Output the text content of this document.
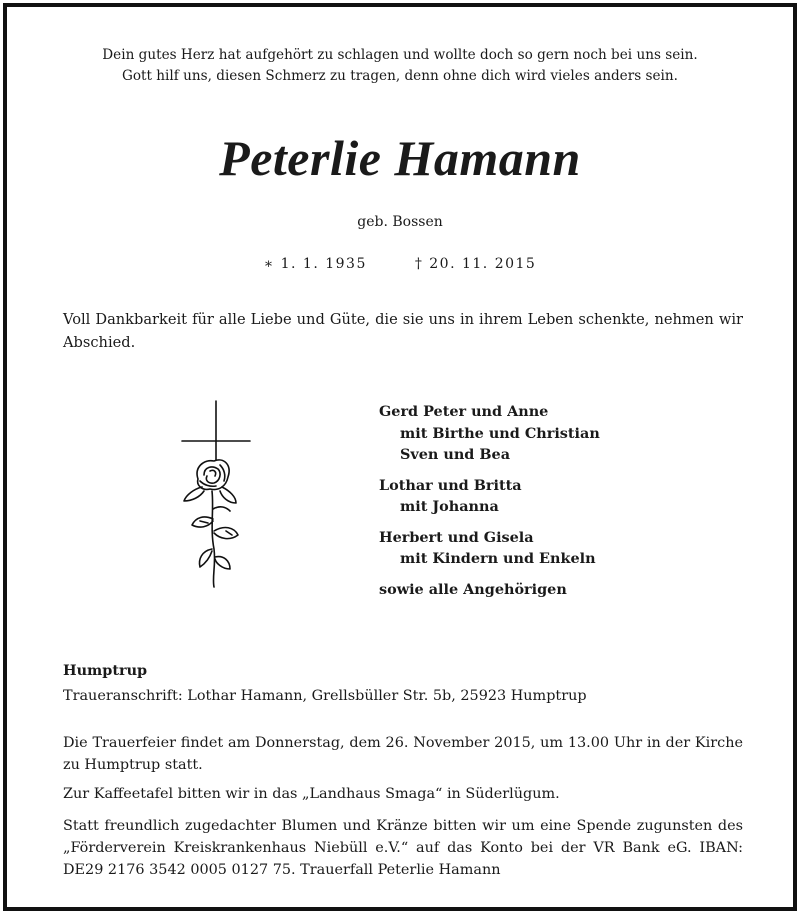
Dein gutes Herz hat aufgehört zu schlagen und wollte doch so gern noch bei uns sein.
Gott hilf uns, diesen Schmerz zu tragen, denn ohne dich wird vieles anders sein.
Peterlie Hamann
geb. Bossen
∗ 1. 1. 1935	† 20. 11. 2015
Voll Dankbarkeit für alle Liebe und Güte, die sie uns in ihrem Leben schenkte, nehmen wir Abschied.
Gerd Peter und Anne
mit Birthe und Christian
Sven und Bea
Lothar und Britta
mit Johanna
Herbert und Gisela
mit Kindern und Enkeln
sowie alle Angehörigen
Humptrup
Traueranschrift: Lothar Hamann, Grellsbüller Str. 5b, 25923 Humptrup
Die Trauerfeier findet am Donnerstag, dem 26. November 2015, um 13.00 Uhr in der Kirche zu Humptrup statt.
Zur Kaffeetafel bitten wir in das „Landhaus Smaga“ in Süderlügum.
Statt freundlich zugedachter Blumen und Kränze bitten wir um eine Spende zugunsten des „Förderverein Kreiskrankenhaus Niebüll e.V.“ auf das Konto bei der VR Bank eG. IBAN: DE29 2176 3542 0005 0127 75. Trauerfall Peterlie Hamann
